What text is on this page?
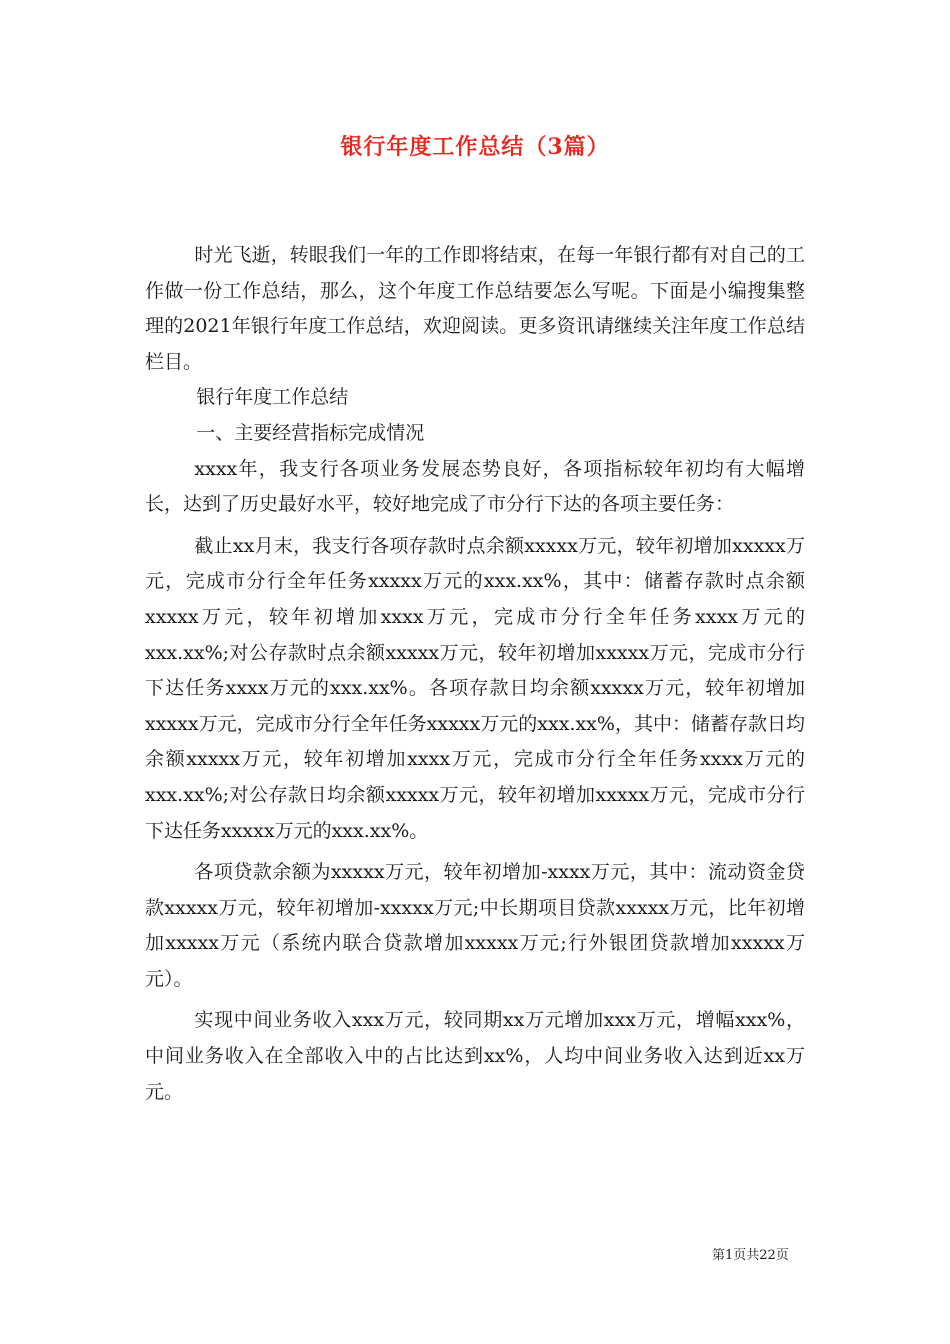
银行年度工作总结（3篇）

时光飞逝，转眼我们一年的工作即将结束，在每一年银行都有对自己的工作做一份工作总结，那么，这个年度工作总结要怎么写呢。下面是小编搜集整理的2021年银行年度工作总结，欢迎阅读。更多资讯请继续关注年度工作总结栏目。

银行年度工作总结

一、主要经营指标完成情况

xxxx年，我支行各项业务发展态势良好，各项指标较年初均有大幅增长，达到了历史最好水平，较好地完成了市分行下达的各项主要任务：

截止xx月末，我支行各项存款时点余额xxxxx万元，较年初增加xxxxx万元，完成市分行全年任务xxxxx万元的xxx.xx%，其中：储蓄存款时点余额xxxxx万元，较年初增加xxxx万元，完成市分行全年任务xxxx万元的xxx.xx%;对公存款时点余额xxxxx万元，较年初增加xxxxx万元，完成市分行下达任务xxxx万元的xxx.xx%。各项存款日均余额xxxxx万元，较年初增加xxxxx万元，完成市分行全年任务xxxxx万元的xxx.xx%，其中：储蓄存款日均余额xxxxx万元，较年初增加xxxx万元，完成市分行全年任务xxxx万元的xxx.xx%;对公存款日均余额xxxxx万元，较年初增加xxxxx万元，完成市分行下达任务xxxxx万元的xxx.xx%。

各项贷款余额为xxxxx万元，较年初增加-xxxx万元，其中：流动资金贷款xxxxx万元，较年初增加-xxxxx万元;中长期项目贷款xxxxx万元，比年初增加xxxxx万元（系统内联合贷款增加xxxxx万元;行外银团贷款增加xxxxx万元）。

实现中间业务收入xxx万元，较同期xx万元增加xxx万元，增幅xxx%，中间业务收入在全部收入中的占比达到xx%，人均中间业务收入达到近xx万元。

第1页共22页
